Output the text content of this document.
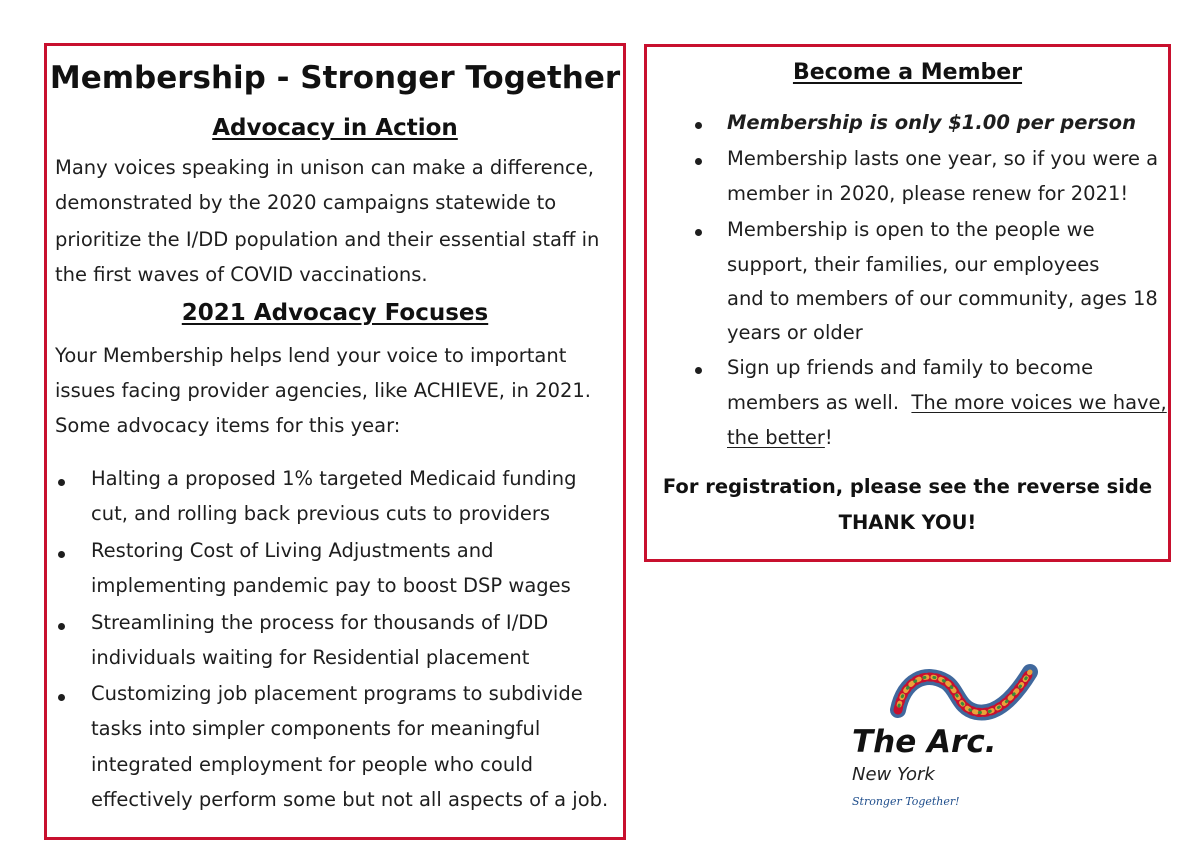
Membership - Stronger Together
Advocacy in Action
Many voices speaking in unison can make a difference,
demonstrated by the 2020 campaigns statewide to
prioritize the I/DD population and their essential staff in
the first waves of COVID vaccinations.
2021 Advocacy Focuses
Your Membership helps lend your voice to important
issues facing provider agencies, like ACHIEVE, in 2021.
Some advocacy items for this year:
Halting a proposed 1% targeted Medicaid funding
cut, and rolling back previous cuts to providers
Restoring Cost of Living Adjustments and
implementing pandemic pay to boost DSP wages
Streamlining the process for thousands of I/DD
individuals waiting for Residential placement
Customizing job placement programs to subdivide
tasks into simpler components for meaningful
integrated employment for people who could
effectively perform some but not all aspects of a job.
Become a Member
Membership is only $1.00 per person
Membership lasts one year, so if you were a
member in 2020, please renew for 2021!
Membership is open to the people we
support, their families, our employees
and to members of our community, ages 18
years or older
Sign up friends and family to become
members as well.  The more voices we have,
the better!
For registration, please see the reverse side
THANK YOU!
The Arc.
New York
Stronger Together!
